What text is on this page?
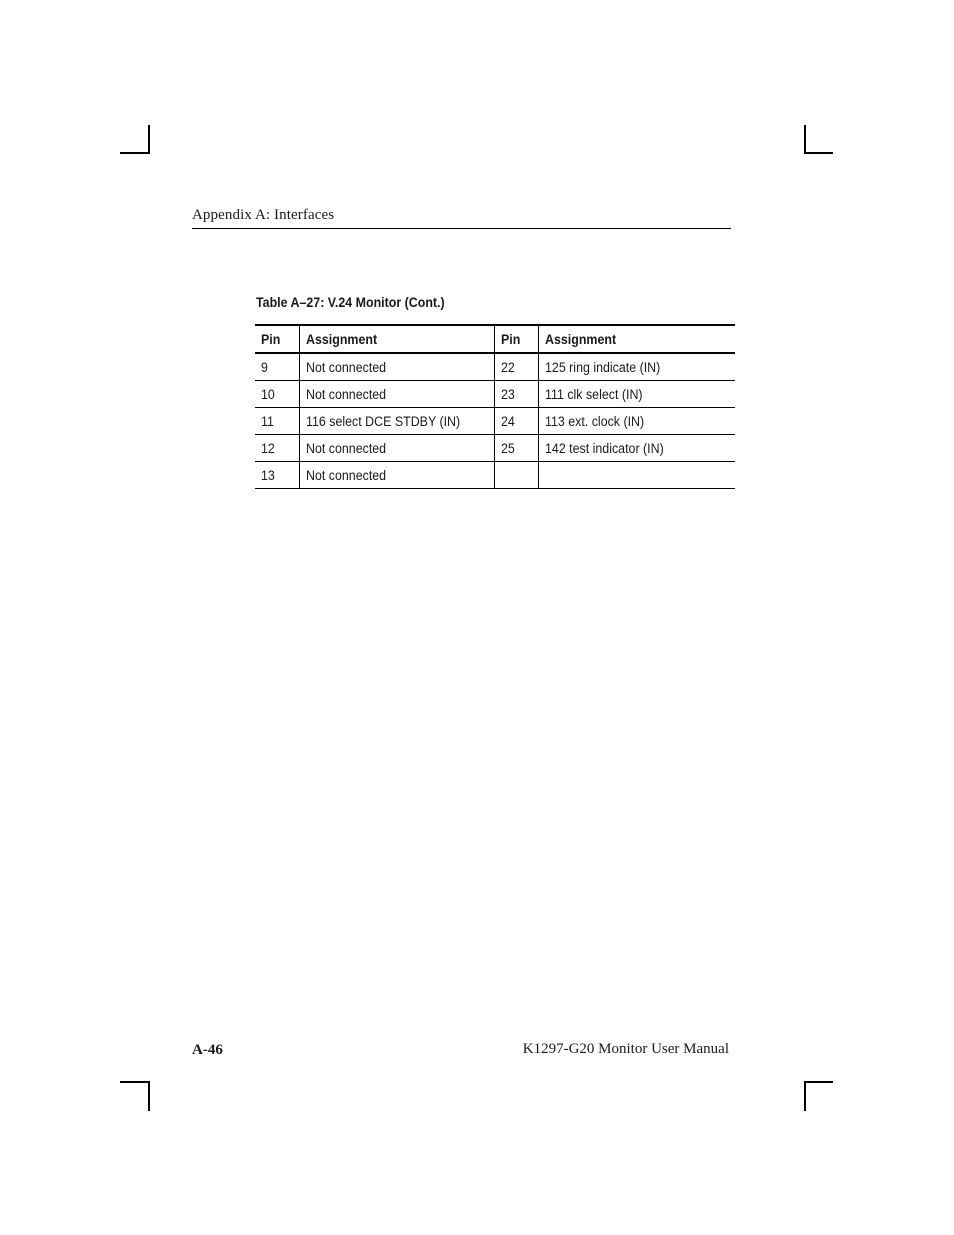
Appendix A: Interfaces
Table A–27: V.24 Monitor (Cont.)
Pin	Assignment	Pin	Assignment
9	Not connected	22	125 ring indicate (IN)
10	Not connected	23	111 clk select (IN)
11	116 select DCE STDBY (IN)	24	113 ext. clock (IN)
12	Not connected	25	142 test indicator (IN)
13	Not connected		
A-46	K1297-G20 Monitor User Manual
